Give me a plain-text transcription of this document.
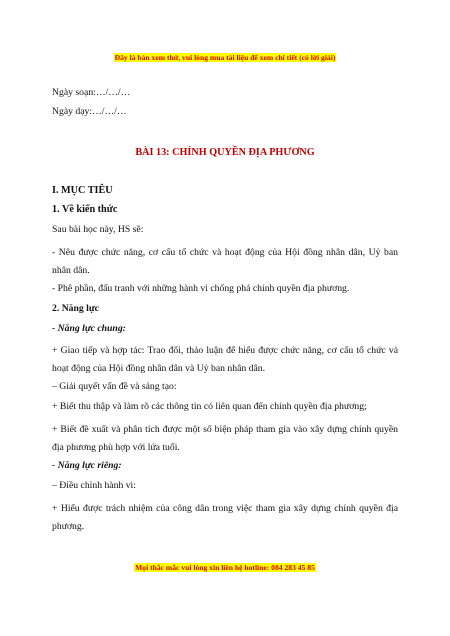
Đây là bản xem thử, vui lòng mua tài liệu để xem chi tiết (có lời giải)
Ngày soạn:…/…/…
Ngày dạy:…/…/…
BÀI 13: CHÍNH QUYỀN ĐỊA PHƯƠNG
I. MỤC TIÊU
1. Về kiến thức
Sau bài học này, HS sẽ:
- Nêu được chức năng, cơ cấu tổ chức và hoạt động của Hội đồng nhân dân, Uỷ ban nhân dân.
- Phê phần, đấu tranh với những hành vi chống phá chính quyền địa phương.
2. Năng lực
- Năng lực chung:
+ Giao tiếp và hợp tác: Trao đổi, thảo luận để hiểu được chức năng, cơ cấu tổ chức và hoạt động của Hội đồng nhân dân và Uỷ ban nhân dân.
– Giải quyết vấn đề và sáng tạo:
+ Biết thu thập và làm rõ các thông tin có liên quan đến chính quyền địa phương;
+ Biết đề xuất và phân tích được một số biện pháp tham gia vào xây dựng chính quyền địa phương phù hợp với lứa tuổi.
- Năng lực riêng:
– Điều chỉnh hành vi:
+ Hiểu được trách nhiệm của công dân trong việc tham gia xây dựng chính quyền địa phương.
Mọi thắc mắc vui lòng xin liên hệ hotline: 084 283 45 85
